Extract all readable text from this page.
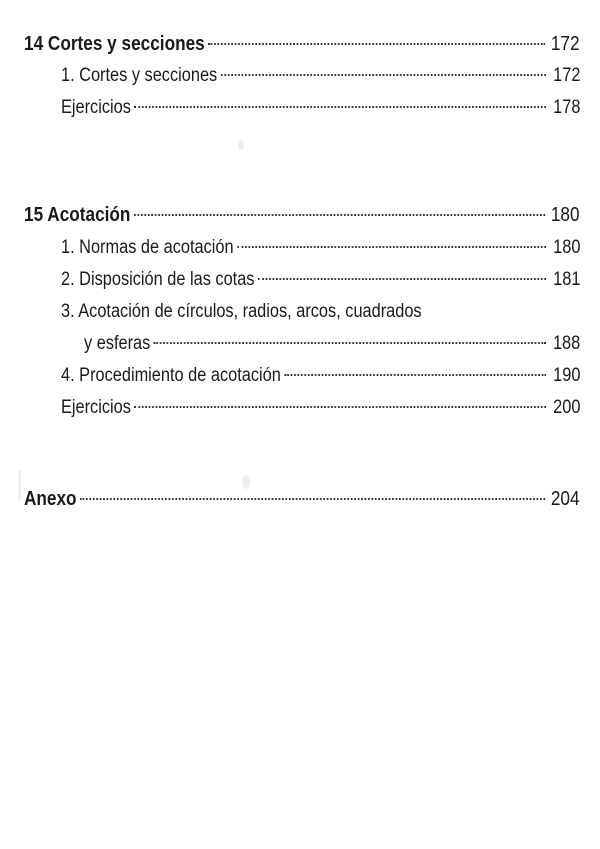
14 Cortes y secciones	172
1. Cortes y secciones	172
Ejercicios	178
15 Acotación	180
1. Normas de acotación	180
2. Disposición de las cotas	181
3. Acotación de círculos, radios, arcos, cuadrados
y esferas	188
4. Procedimiento de acotación	190
Ejercicios	200
Anexo	204
